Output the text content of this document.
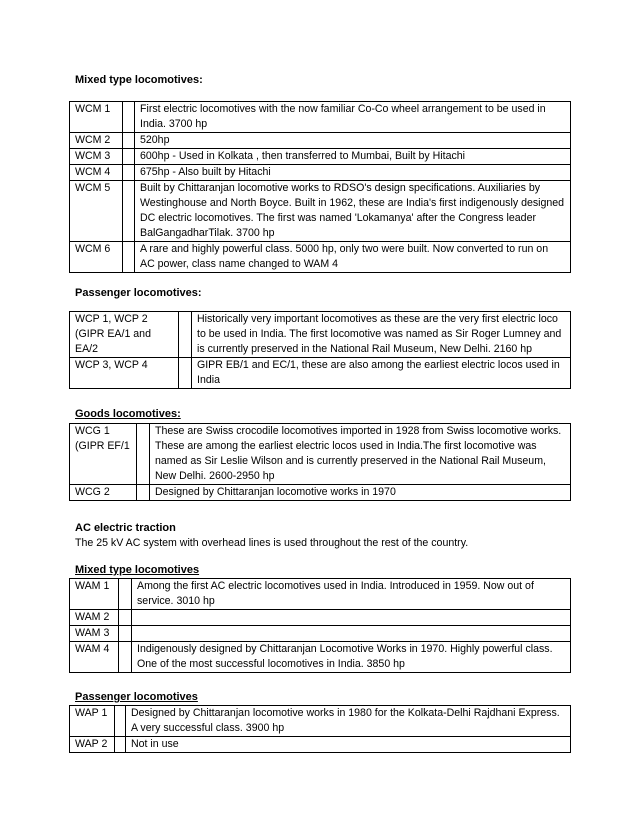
Mixed type locomotives:
WCM 1		First electric locomotives with the now familiar Co-Co wheel arrangement to be used in India. 3700 hp
WCM 2		520hp
WCM 3		600hp - Used in Kolkata , then transferred to Mumbai, Built by Hitachi
WCM 4		675hp - Also built by Hitachi
WCM 5		Built by Chittaranjan locomotive works to RDSO's design specifications. Auxiliaries by Westinghouse and North Boyce. Built in 1962, these are India's first indigenously designed DC electric locomotives. The first was named 'Lokamanya' after the Congress leader BalGangadharTilak. 3700 hp
WCM 6		A rare and highly powerful class. 5000 hp, only two were built. Now converted to run on AC power, class name changed to WAM 4
Passenger locomotives:
WCP 1, WCP 2 (GIPR EA/1 and EA/2		Historically very important locomotives as these are the very first electric loco to be used in India. The first locomotive was named as Sir Roger Lumney and is currently preserved in the National Rail Museum, New Delhi. 2160 hp
WCP 3, WCP 4		GIPR EB/1 and EC/1, these are also among the earliest electric locos used in India
Goods locomotives:
WCG 1 (GIPR EF/1		These are Swiss crocodile locomotives imported in 1928 from Swiss locomotive works. These are among the earliest electric locos used in India.The first locomotive was named as Sir Leslie Wilson and is currently preserved in the National Rail Museum, New Delhi. 2600-2950 hp
WCG 2		Designed by Chittaranjan locomotive works in 1970
AC electric traction
The 25 kV AC system with overhead lines is used throughout the rest of the country.
Mixed type locomotives
WAM 1		Among the first AC electric locomotives used in India. Introduced in 1959. Now out of service. 3010 hp
WAM 2		
WAM 3		
WAM 4		Indigenously designed by Chittaranjan Locomotive Works in 1970. Highly powerful class. One of the most successful locomotives in India. 3850 hp
Passenger locomotives
WAP 1		Designed by Chittaranjan locomotive works in 1980 for the Kolkata-Delhi Rajdhani Express. A very successful class. 3900 hp
WAP 2		Not in use
